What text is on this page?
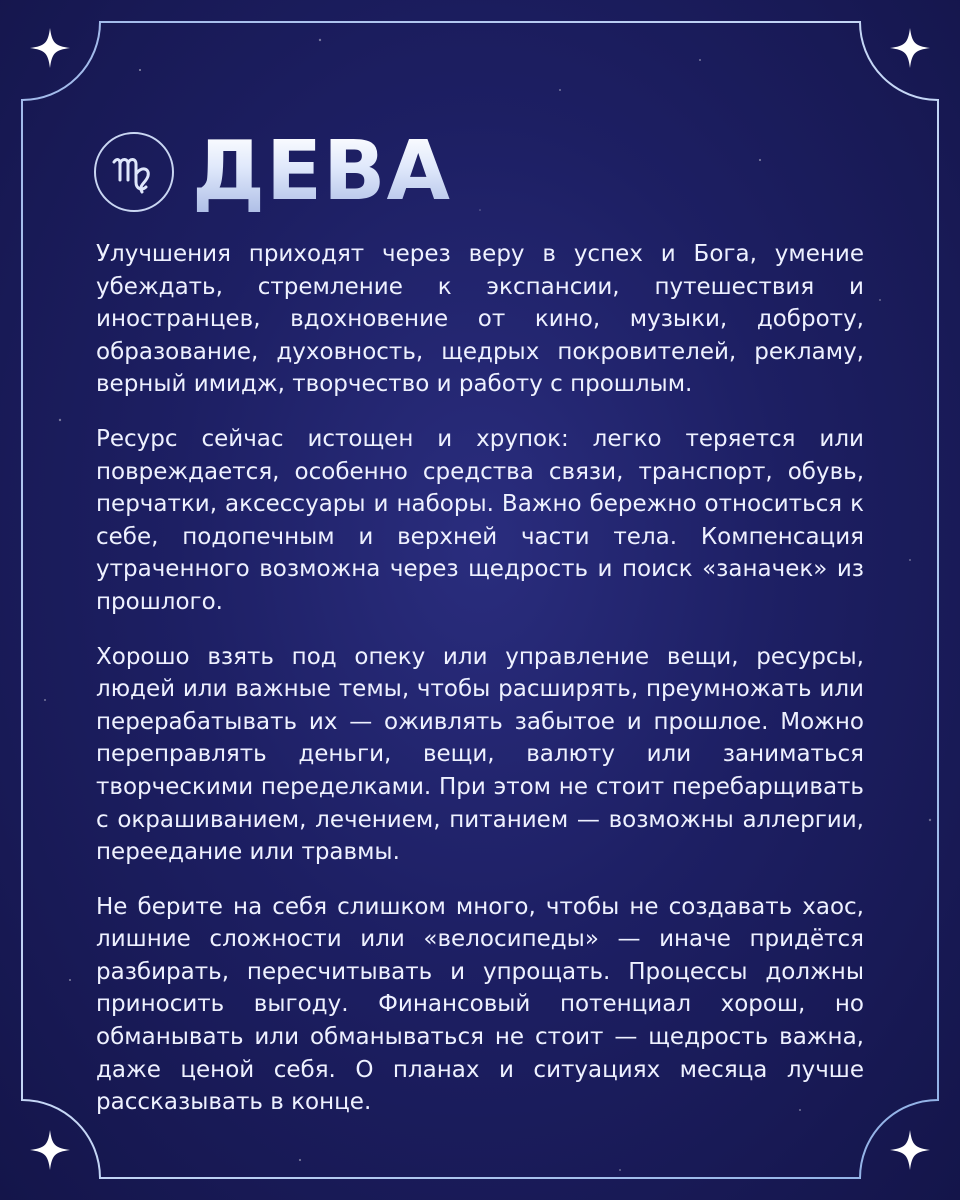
ДЕВА

Улучшения приходят через веру в успех и Бога, умение убеждать, стремление к экспансии, путешествия и иностранцев, вдохновение от кино, музыки, доброту, образование, духовность, щедрых покровителей, рекламу, верный имидж, творчество и работу с прошлым.

Ресурс сейчас истощен и хрупок: легко теряется или повреждается, особенно средства связи, транспорт, обувь, перчатки, аксессуары и наборы. Важно бережно относиться к себе, подопечным и верхней части тела. Компенсация утраченного возможна через щедрость и поиск «заначек» из прошлого.

Хорошо взять под опеку или управление вещи, ресурсы, людей или важные темы, чтобы расширять, преумножать или перерабатывать их — оживлять забытое и прошлое. Можно переправлять деньги, вещи, валюту или заниматься творческими переделками. При этом не стоит перебарщивать с окрашиванием, лечением, питанием — возможны аллергии, переедание или травмы.

Не берите на себя слишком много, чтобы не создавать хаос, лишние сложности или «велосипеды» — иначе придётся разбирать, пересчитывать и упрощать. Процессы должны приносить выгоду. Финансовый потенциал хорош, но обманывать или обманываться не стоит — щедрость важна, даже ценой себя. О планах и ситуациях месяца лучше рассказывать в конце.
